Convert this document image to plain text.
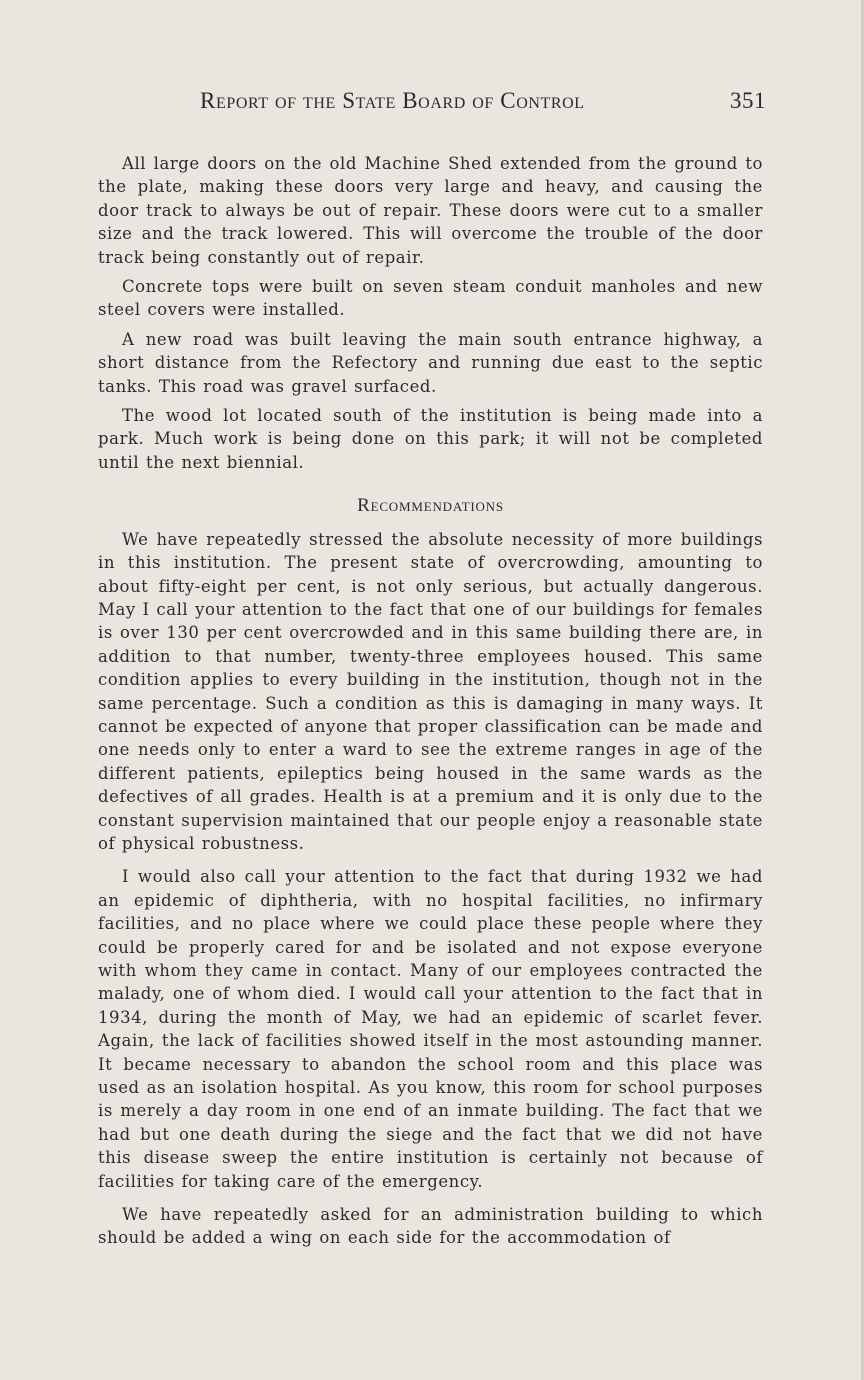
Report of the State Board of Control	351

All large doors on the old Machine Shed extended from the ground to the plate, making these doors very large and heavy, and causing the door track to always be out of repair. These doors were cut to a smaller size and the track lowered. This will overcome the trouble of the door track being constantly out of repair.

Concrete tops were built on seven steam conduit manholes and new steel covers were installed.

A new road was built leaving the main south entrance highway, a short distance from the Refectory and running due east to the septic tanks. This road was gravel surfaced.

The wood lot located south of the institution is being made into a park. Much work is being done on this park; it will not be completed until the next biennial.

Recommendations

We have repeatedly stressed the absolute necessity of more buildings in this institution. The present state of overcrowding, amounting to about fifty-eight per cent, is not only serious, but actually dangerous. May I call your attention to the fact that one of our buildings for females is over 130 per cent overcrowded and in this same building there are, in addition to that number, twenty-three employees housed. This same condition applies to every building in the institution, though not in the same percentage. Such a condition as this is damaging in many ways. It cannot be expected of anyone that proper classification can be made and one needs only to enter a ward to see the extreme ranges in age of the different patients, epileptics being housed in the same wards as the defectives of all grades. Health is at a premium and it is only due to the constant supervision maintained that our people enjoy a reasonable state of physical robustness.

I would also call your attention to the fact that during 1932 we had an epidemic of diphtheria, with no hospital facilities, no infirmary facilities, and no place where we could place these people where they could be properly cared for and be isolated and not expose everyone with whom they came in contact. Many of our employees contracted the malady, one of whom died. I would call your attention to the fact that in 1934, during the month of May, we had an epidemic of scarlet fever. Again, the lack of facilities showed itself in the most astounding manner. It became necessary to abandon the school room and this place was used as an isolation hospital. As you know, this room for school purposes is merely a day room in one end of an inmate building. The fact that we had but one death during the siege and the fact that we did not have this disease sweep the entire institution is certainly not because of facilities for taking care of the emergency.

We have repeatedly asked for an administration building to which should be added a wing on each side for the accommodation of
